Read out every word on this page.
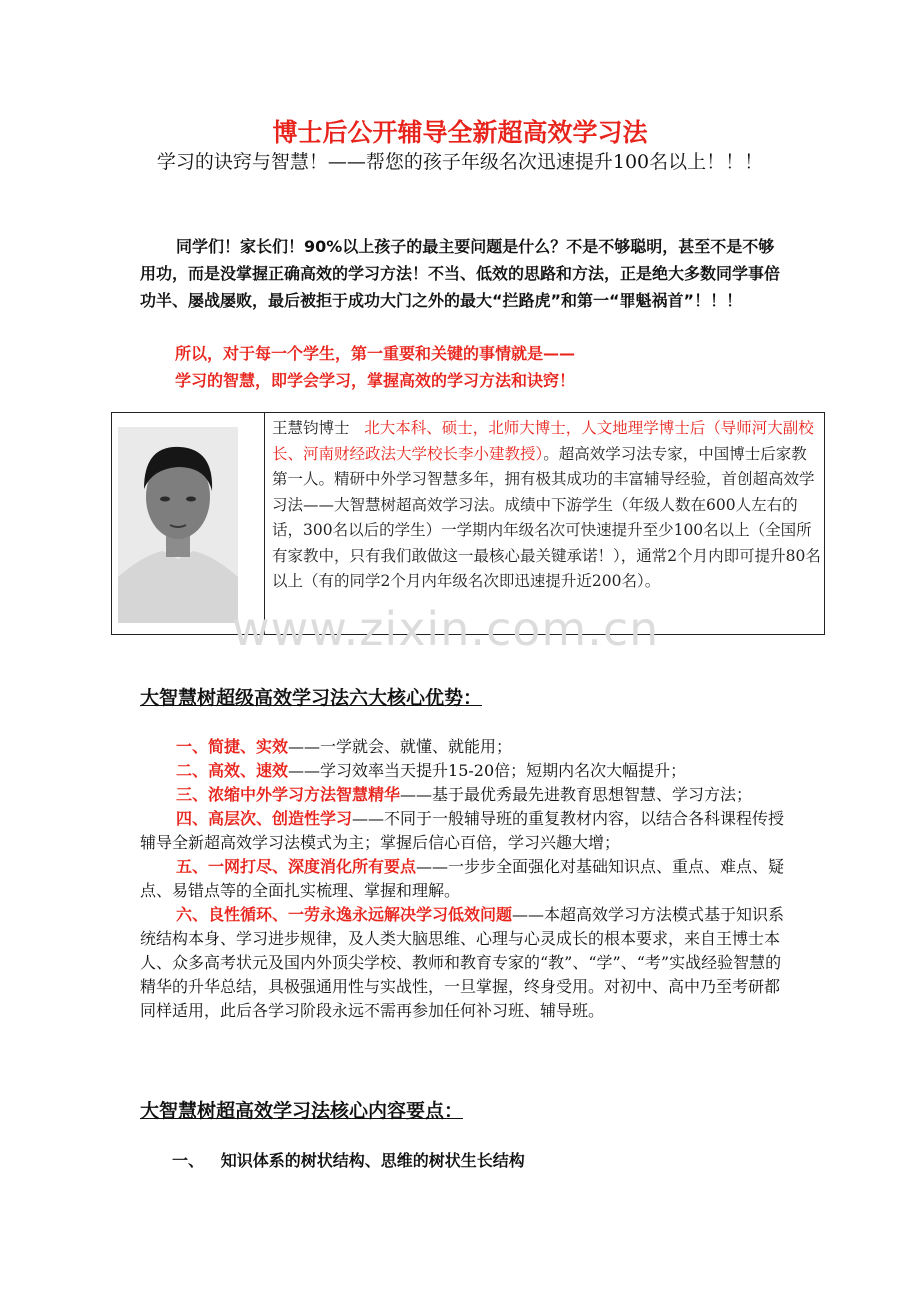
博士后公开辅导全新超高效学习法
学习的诀窍与智慧！——帮您的孩子年级名次迅速提升100名以上！！！
同学们！家长们！90%以上孩子的最主要问题是什么？不是不够聪明，甚至不是不够用功，而是没掌握正确高效的学习方法！不当、低效的思路和方法，正是绝大多数同学事倍功半、屡战屡败，最后被拒于成功大门之外的最大“拦路虎”和第一“罪魁祸首”！！！
所以，对于每一个学生，第一重要和关键的事情就是——
学习的智慧，即学会学习，掌握高效的学习方法和诀窍！
王慧钧博士 北大本科、硕士，北师大博士，人文地理学博士后（导师河大副校长、河南财经政法大学校长李小建教授）。超高效学习法专家，中国博士后家教第一人。精研中外学习智慧多年，拥有极其成功的丰富辅导经验，首创超高效学习法——大智慧树超高效学习法。成绩中下游学生（年级人数在600人左右的话，300名以后的学生）一学期内年级名次可快速提升至少100名以上（全国所有家教中，只有我们敢做这一最核心最关键承诺！），通常2个月内即可提升80名以上（有的同学2个月内年级名次即迅速提升近200名）。
www.zixin.com.cn
大智慧树超级高效学习法六大核心优势：

一、简捷、实效——一学就会、就懂、就能用；

二、高效、速效——学习效率当天提升15-20倍；短期内名次大幅提升；

三、浓缩中外学习方法智慧精华——基于最优秀最先进教育思想智慧、学习方法；

四、高层次、创造性学习——不同于一般辅导班的重复教材内容，以结合各科课程传授辅导全新超高效学习法模式为主；掌握后信心百倍，学习兴趣大增；

五、一网打尽、深度消化所有要点——一步步全面强化对基础知识点、重点、难点、疑点、易错点等的全面扎实梳理、掌握和理解。

六、良性循环、一劳永逸永远解决学习低效问题——本超高效学习方法模式基于知识系统结构本身、学习进步规律，及人类大脑思维、心理与心灵成长的根本要求，来自王博士本人、众多高考状元及国内外顶尖学校、教师和教育专家的“教”、“学”、“考”实战经验智慧的精华的升华总结，具极强通用性与实战性，一旦掌握，终身受用。对初中、高中乃至考研都同样适用，此后各学习阶段永远不需再参加任何补习班、辅导班。

大智慧树超高效学习法核心内容要点：
一、 知识体系的树状结构、思维的树状生长结构
